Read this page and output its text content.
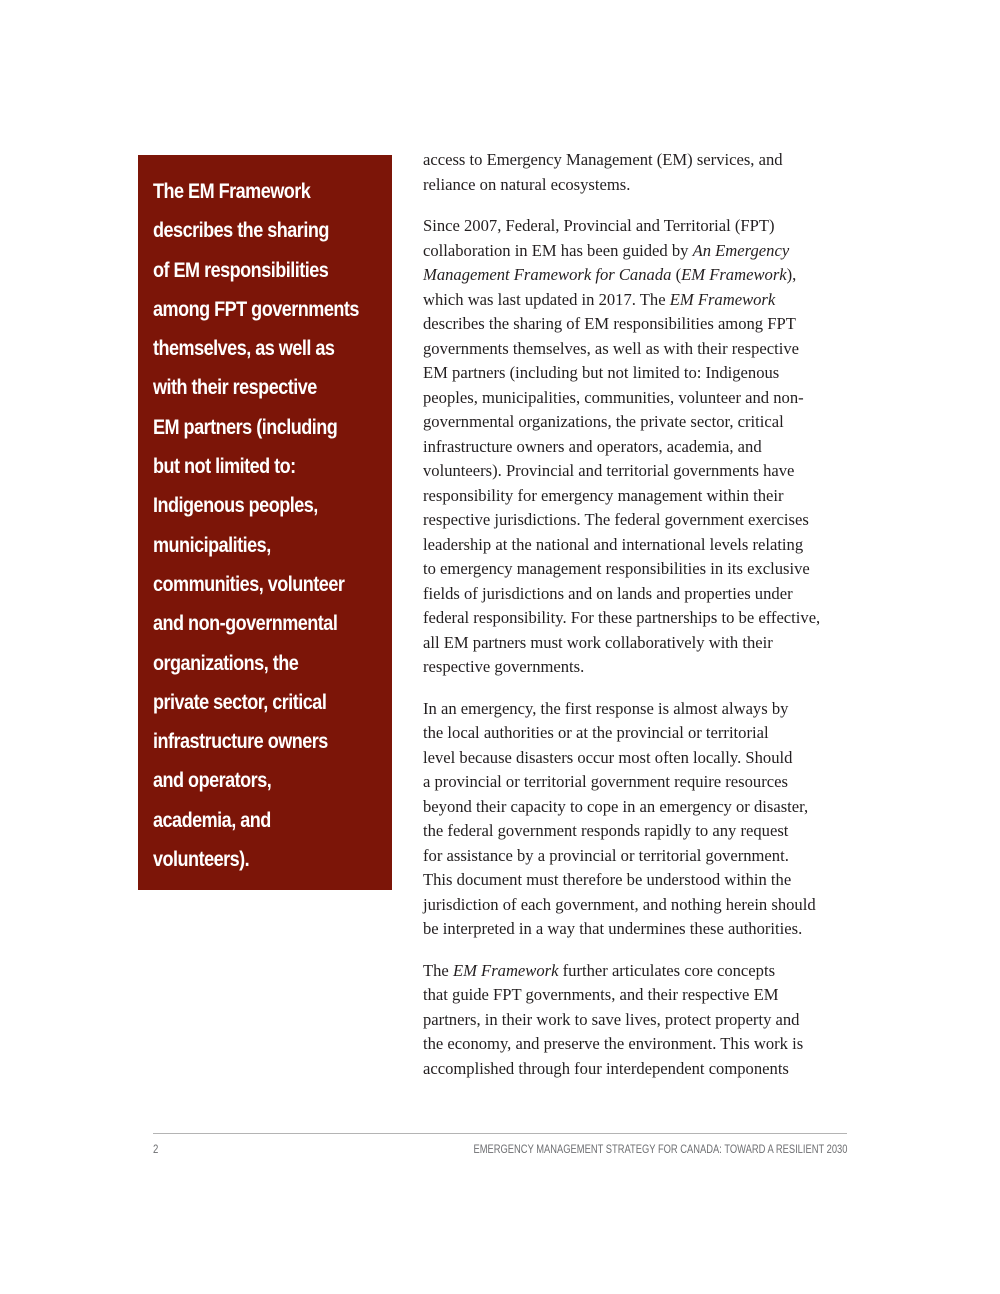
The EM Framework
describes the sharing
of EM responsibilities
among FPT governments
themselves, as well as
with their respective
EM partners (including
but not limited to:
Indigenous peoples,
municipalities,
communities, volunteer
and non-governmental
organizations, the
private sector, critical
infrastructure owners
and operators,
academia, and
volunteers).

access to Emergency Management (EM) services, and
reliance on natural ecosystems.

Since 2007, Federal, Provincial and Territorial (FPT)
collaboration in EM has been guided by An Emergency
Management Framework for Canada (EM Framework),
which was last updated in 2017. The EM Framework
describes the sharing of EM responsibilities among FPT
governments themselves, as well as with their respective
EM partners (including but not limited to: Indigenous
peoples, municipalities, communities, volunteer and non-
governmental organizations, the private sector, critical
infrastructure owners and operators, academia, and
volunteers). Provincial and territorial governments have
responsibility for emergency management within their
respective jurisdictions. The federal government exercises
leadership at the national and international levels relating
to emergency management responsibilities in its exclusive
fields of jurisdictions and on lands and properties under
federal responsibility. For these partnerships to be effective,
all EM partners must work collaboratively with their
respective governments.

In an emergency, the first response is almost always by
the local authorities or at the provincial or territorial
level because disasters occur most often locally. Should
a provincial or territorial government require resources
beyond their capacity to cope in an emergency or disaster,
the federal government responds rapidly to any request
for assistance by a provincial or territorial government.
This document must therefore be understood within the
jurisdiction of each government, and nothing herein should
be interpreted in a way that undermines these authorities.

The EM Framework further articulates core concepts
that guide FPT governments, and their respective EM
partners, in their work to save lives, protect property and
the economy, and preserve the environment. This work is
accomplished through four interdependent components

2	EMERGENCY MANAGEMENT STRATEGY FOR CANADA: TOWARD A RESILIENT 2030
